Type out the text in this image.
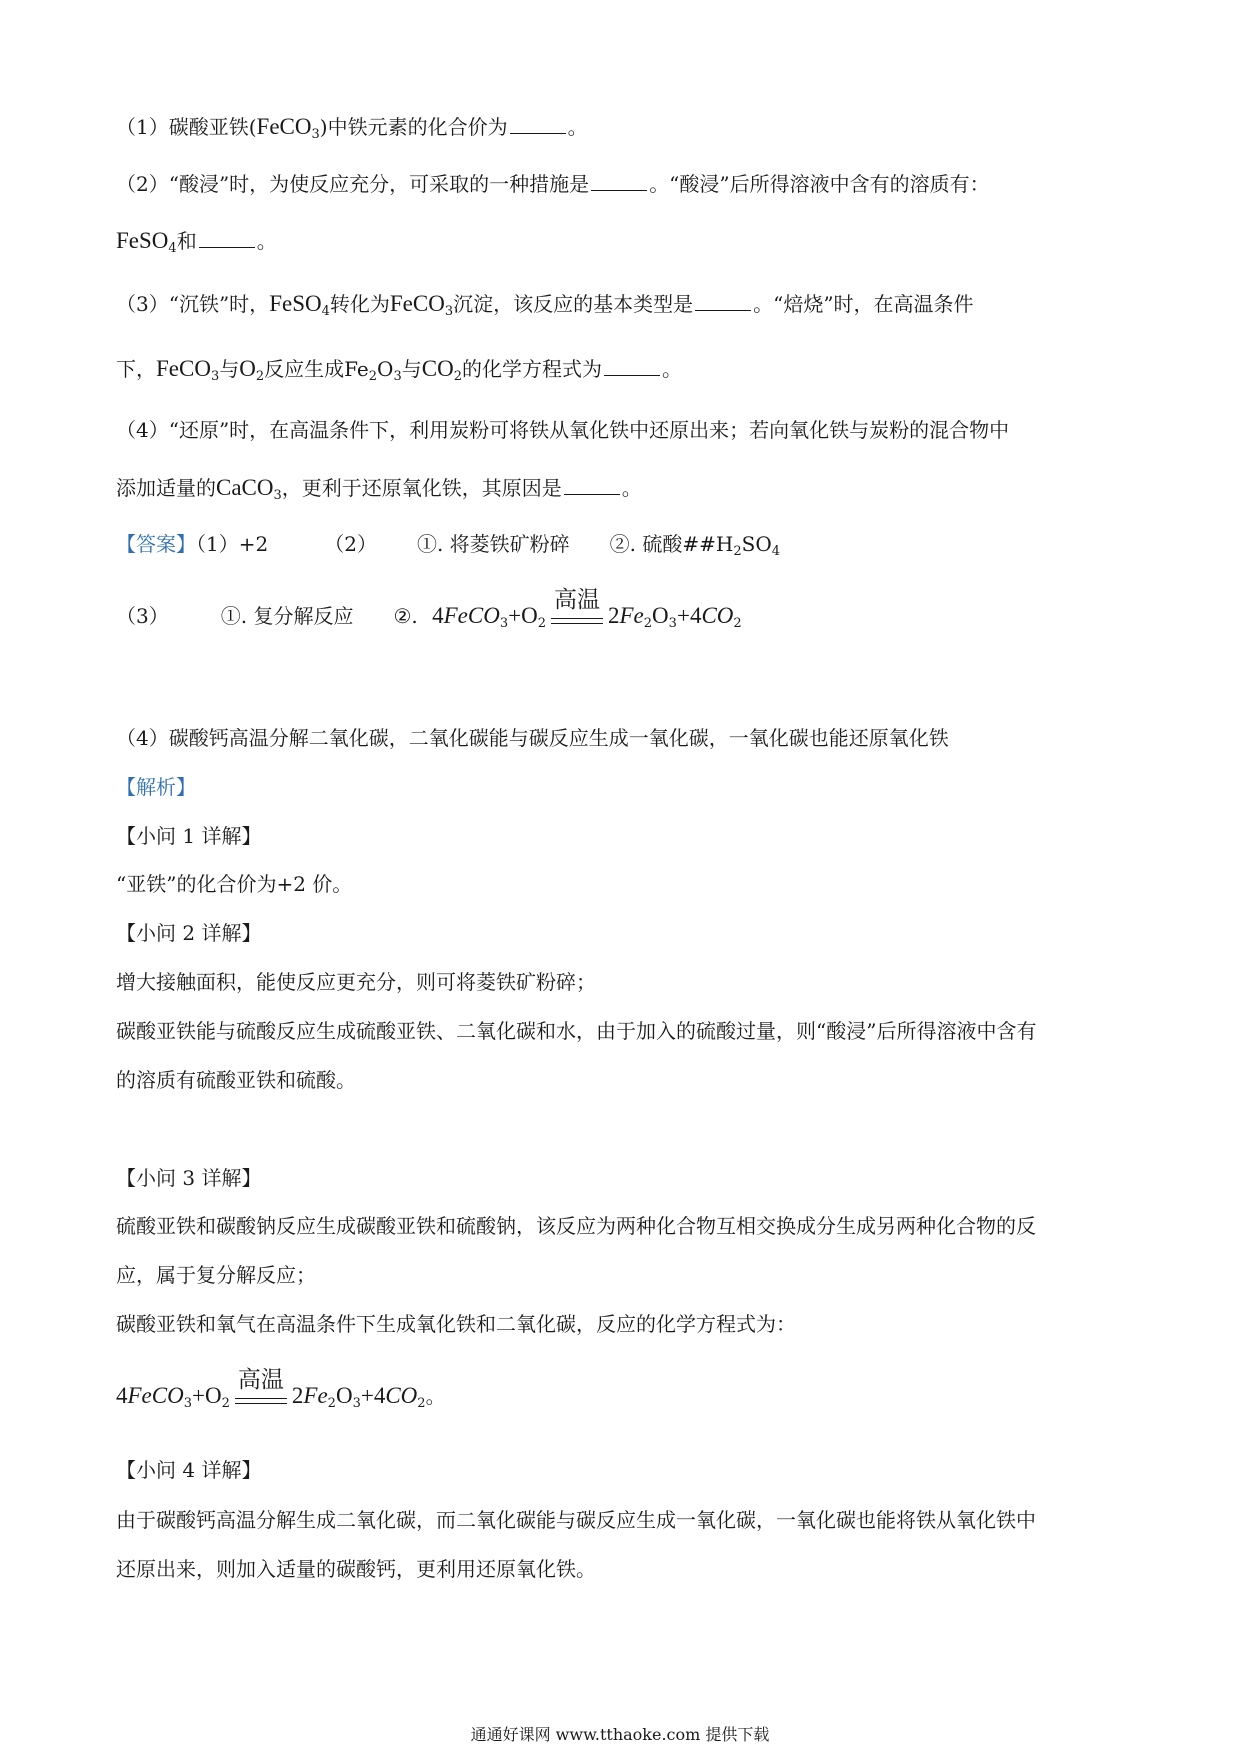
（1）碳酸亚铁(FeCO$_3$)中铁元素的化合价为	。
（2）“酸浸”时，为使反应充分，可采取的一种措施是	。“酸浸”后所得溶液中含有的溶质有：
FeSO$_4$和	。
（3）“沉铁”时，FeSO$_4$转化为FeCO$_3$沉淀，该反应的基本类型是	。“焙烧”时，在高温条件
下，FeCO$_3$与$O_2$反应生成$Fe_2O_3$与$CO_2$的化学方程式为	。
（4）“还原”时，在高温条件下，利用炭粉可将铁从氧化铁中还原出来；若向氧化铁与炭粉的混合物中
添加适量的CaCO$_3$，更利于还原氧化铁，其原因是	。
【答案】（1）+2	（2） ①. 将菱铁矿粉碎 ②. 硫酸$\#\#H_2SO_4$
（3）	①. 复分解反应 ②. $4FeCO_3+O_2$
高温
$2Fe_2O_3+4CO_2$
（4）碳酸钙高温分解二氧化碳，二氧化碳能与碳反应生成一氧化碳，一氧化碳也能还原氧化铁
【解析】
【小问 1 详解】
“亚铁”的化合价为+2 价。
【小问 2 详解】
增大接触面积，能使反应更充分，则可将菱铁矿粉碎；
碳酸亚铁能与硫酸反应生成硫酸亚铁、二氧化碳和水，由于加入的硫酸过量，则“酸浸”后所得溶液中含有
的溶质有硫酸亚铁和硫酸。
【小问 3 详解】
硫酸亚铁和碳酸钠反应生成碳酸亚铁和硫酸钠，该反应为两种化合物互相交换成分生成另两种化合物的反
应，属于复分解反应；
碳酸亚铁和氧气在高温条件下生成氧化铁和二氧化碳，反应的化学方程式为：
$4FeCO_3+O_2$
高温
$2Fe_2O_3+4CO_2$。
【小问 4 详解】
由于碳酸钙高温分解生成二氧化碳，而二氧化碳能与碳反应生成一氧化碳，一氧化碳也能将铁从氧化铁中
还原出来，则加入适量的碳酸钙，更利用还原氧化铁。
通通好课网 www.tthaoke.com 提供下载
